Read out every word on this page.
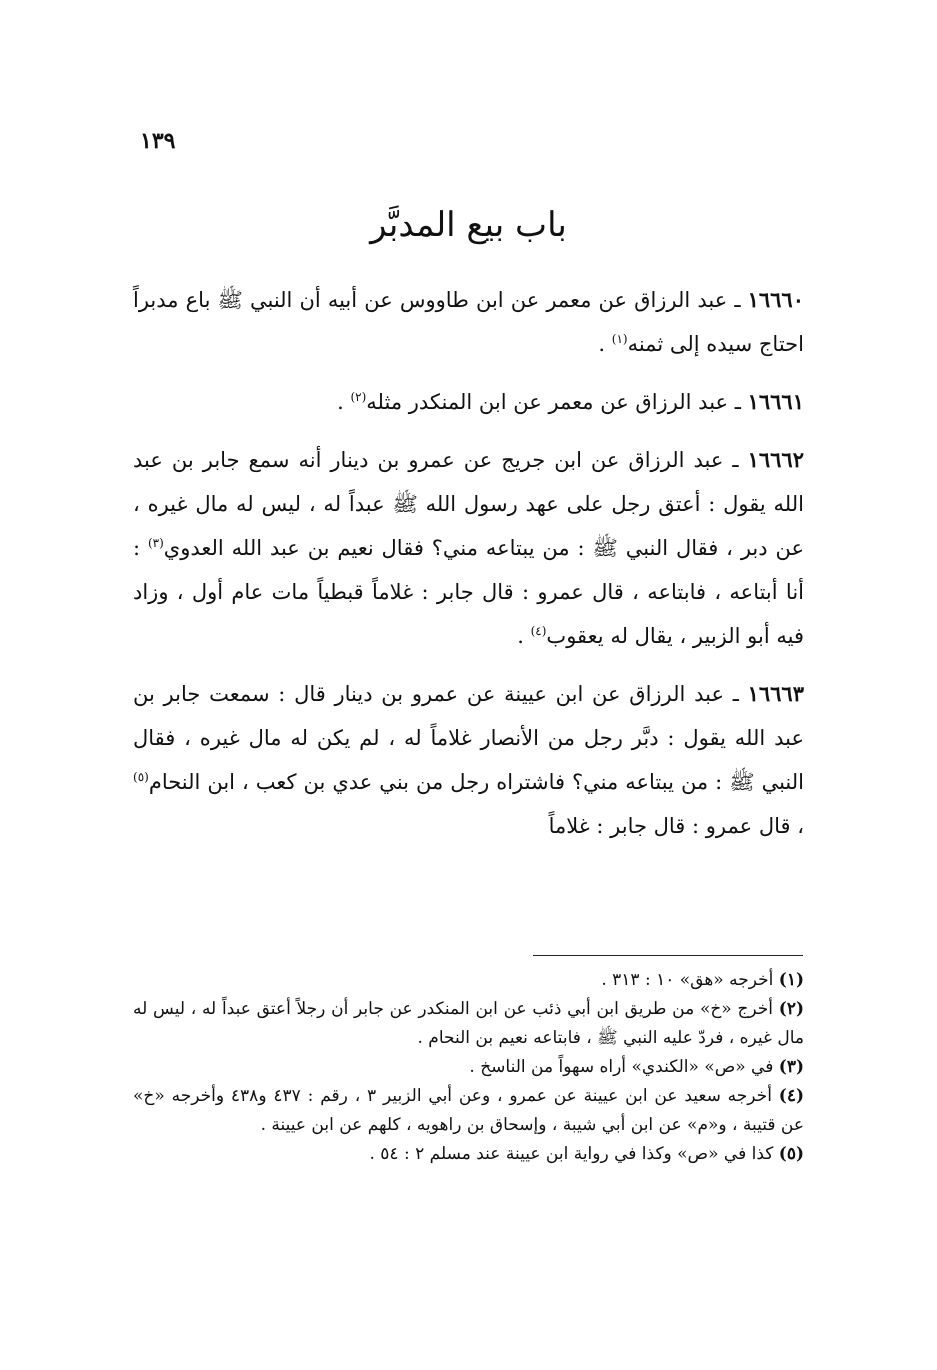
١٣٩
باب بيع المدبَّر

١٦٦٦٠ ـ عبد الرزاق عن معمر عن ابن طاووس عن أبيه أن النبي ﷺ باع مدبراً احتاج سيده إلى ثمنه$^{(١)}$ .

١٦٦٦١ ـ عبد الرزاق عن معمر عن ابن المنكدر مثله$^{(٢)}$ .

١٦٦٦٢ ـ عبد الرزاق عن ابن جريج عن عمرو بن دينار أنه سمع جابر بن عبد الله يقول : أعتق رجل على عهد رسول الله ﷺ عبداً له ، ليس له مال غيره ، عن دبر ، فقال النبي ﷺ : من يبتاعه مني؟ فقال نعيم بن عبد الله العدوي$^{(٣)}$ : أنا أبتاعه ، فابتاعه ، قال عمرو : قال جابر : غلاماً قبطياً مات عام أول ، وزاد فيه أبو الزبير ، يقال له يعقوب$^{(٤)}$ .

١٦٦٦٣ ـ عبد الرزاق عن ابن عيينة عن عمرو بن دينار قال : سمعت جابر بن عبد الله يقول : دبَّر رجل من الأنصار غلاماً له ، لم يكن له مال غيره ، فقال النبي ﷺ : من يبتاعه مني؟ فاشتراه رجل من بني عدي بن كعب ، ابن النحام$^{(٥)}$ ، قال عمرو : قال جابر : غلاماً

(١) أخرجه «هق» ١٠ : ٣١٣ .

(٢) أخرج «خ» من طريق ابن أبي ذئب عن ابن المنكدر عن جابر أن رجلاً أعتق عبداً له ، ليس له مال غيره ، فردّ عليه النبي ﷺ ، فابتاعه نعيم بن النحام .

(٣) في «ص» «الكندي» أراه سهواً من الناسخ .

(٤) أخرجه سعيد عن ابن عيينة عن عمرو ، وعن أبي الزبير ٣ ، رقم : ٤٣٧ و٤٣٨ وأخرجه «خ» عن قتيبة ، و«م» عن ابن أبي شيبة ، وإسحاق بن راهويه ، كلهم عن ابن عيينة .

(٥) كذا في «ص» وكذا في رواية ابن عيينة عند مسلم ٢ : ٥٤ .
